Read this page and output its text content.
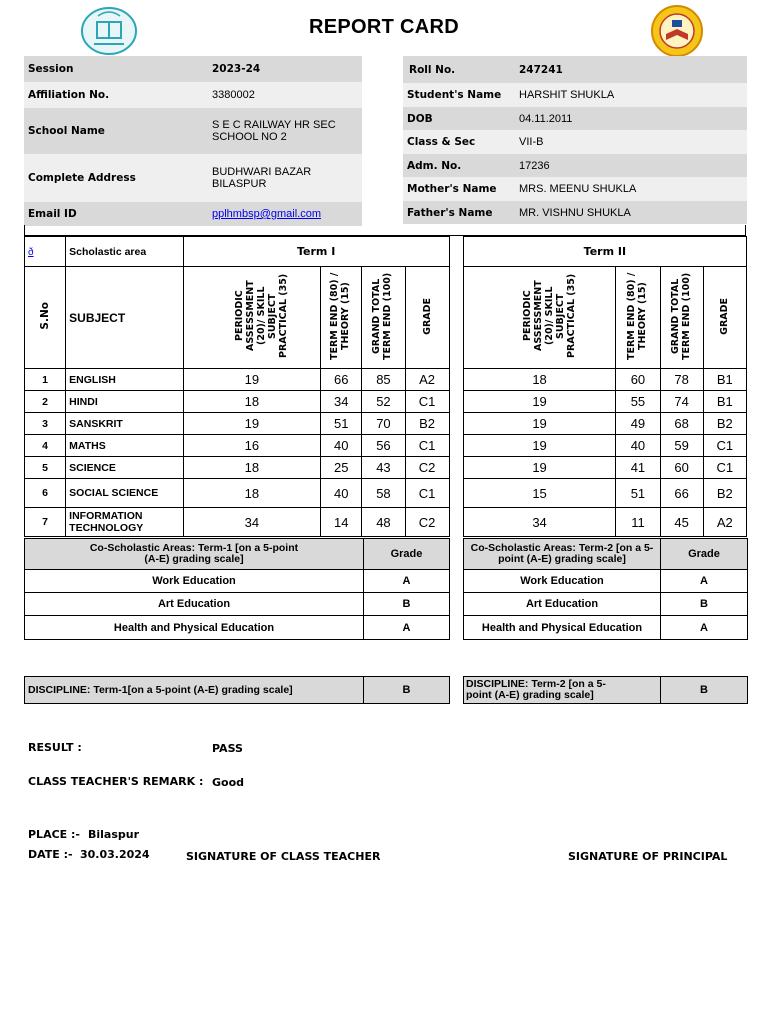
REPORT CARD
Session	2023-24
Affiliation No.	3380002
School Name	S E C RAILWAY HR SEC SCHOOL NO 2
Complete Address	BUDHWARI BAZAR BILASPUR
Email ID	pplhmbsp@gmail.com
Roll No.	247241
Student's Name	HARSHIT SHUKLA
DOB	04.11.2011
Class & Sec	VII-B
Adm. No.	17236
Mother's Name	MRS. MEENU SHUKLA
Father's Name	MR. VISHNU SHUKLA
ð	Scholastic area	Term I					Term II			
S.No	SUBJECT	PERIODIC ASSESSMENT (20)/ SKILL SUBJECT PRACTICAL (35)	TERM END (80) / THEORY (15)	GRAND TOTAL TERM END (100)	GRADE		PERIODIC ASSESSMENT (20)/ SKILL SUBJECT PRACTICAL (35)	TERM END (80) / THEORY (15)	GRAND TOTAL TERM END (100)	GRADE
1	ENGLISH	19	66	85	A2		18	60	78	B1
2	HINDI	18	34	52	C1		19	55	74	B1
3	SANSKRIT	19	51	70	B2		19	49	68	B2
4	MATHS	16	40	56	C1		19	40	59	C1
5	SCIENCE	18	25	43	C2		19	41	60	C1
6	SOCIAL SCIENCE	18	40	58	C1		15	51	66	B2
7	INFORMATION TECHNOLOGY	34	14	48	C2		34	11	45	A2
Co-Scholastic Areas: Term-1 [on a 5-point (A-E) grading scale]	Grade
Work Education	A
Art Education	B
Health and Physical Education	A
Co-Scholastic Areas: Term-2 [on a 5-point (A-E) grading scale]	Grade
Work Education	A
Art Education	B
Health and Physical Education	A
DISCIPLINE: Term-1[on a 5-point (A-E) grading scale]	B	DISCIPLINE: Term-2 [on a 5-point (A-E) grading scale]	B
RESULT :	PASS
CLASS TEACHER'S REMARK : Good
PLACE :- Bilaspur
DATE :- 30.03.2024	SIGNATURE OF CLASS TEACHER	SIGNATURE OF PRINCIPAL
